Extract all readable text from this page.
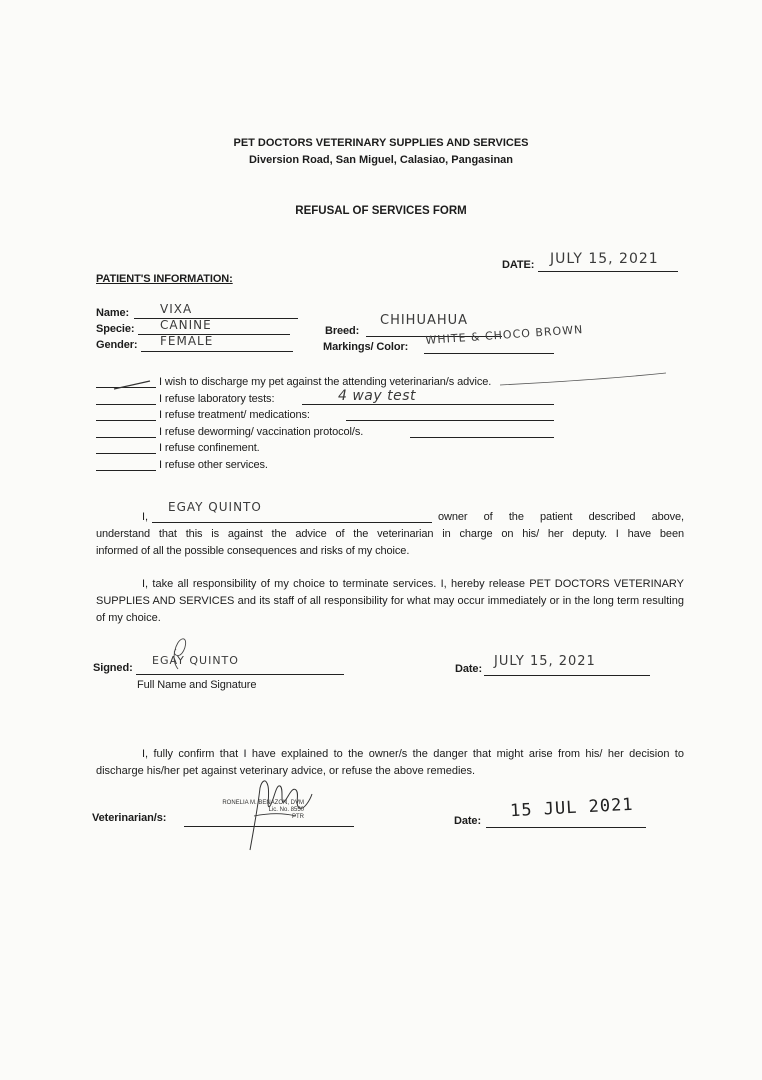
PET DOCTORS VETERINARY SUPPLIES AND SERVICES
Diversion Road, San Miguel, Calasiao, Pangasinan
REFUSAL OF SERVICES FORM
DATE: JULY 15, 2021
PATIENT'S INFORMATION:
Name:	VIXA
Specie: CANINE
Gender: FEMALE
Breed:
CHIHUAHUA
Markings/ Color: WHITE & CHOCO BROWN
I wish to discharge my pet against the attending veterinarian/s advice.
I refuse laboratory tests:	4 way test
I refuse treatment/ medications:
I refuse deworming/ vaccination protocol/s.
I refuse confinement.
I refuse other services.
I,
EGAY QUINTO
owner of the patient described above,
understand that this is against the advice of the veterinarian in charge on his/ her deputy. I have been
informed of all the possible consequences and risks of my choice.
I, take all responsibility of my choice to terminate services. I, hereby release PET DOCTORS VETERINARY SUPPLIES AND SERVICES and its staff of all responsibility for what may occur immediately or in the long term resulting of my choice.
Signed:
EGAY QUINTO
Full Name and Signature
Date: JULY 15, 2021
I, fully confirm that I have explained to the owner/s the danger that might arise from his/ her decision to discharge his/her pet against veterinary advice, or refuse the above remedies.
Veterinarian/s:
RONELIA M. BENAZON, DVM
Lic. No. 8550
PTR	Date: 15 JUL 2021
